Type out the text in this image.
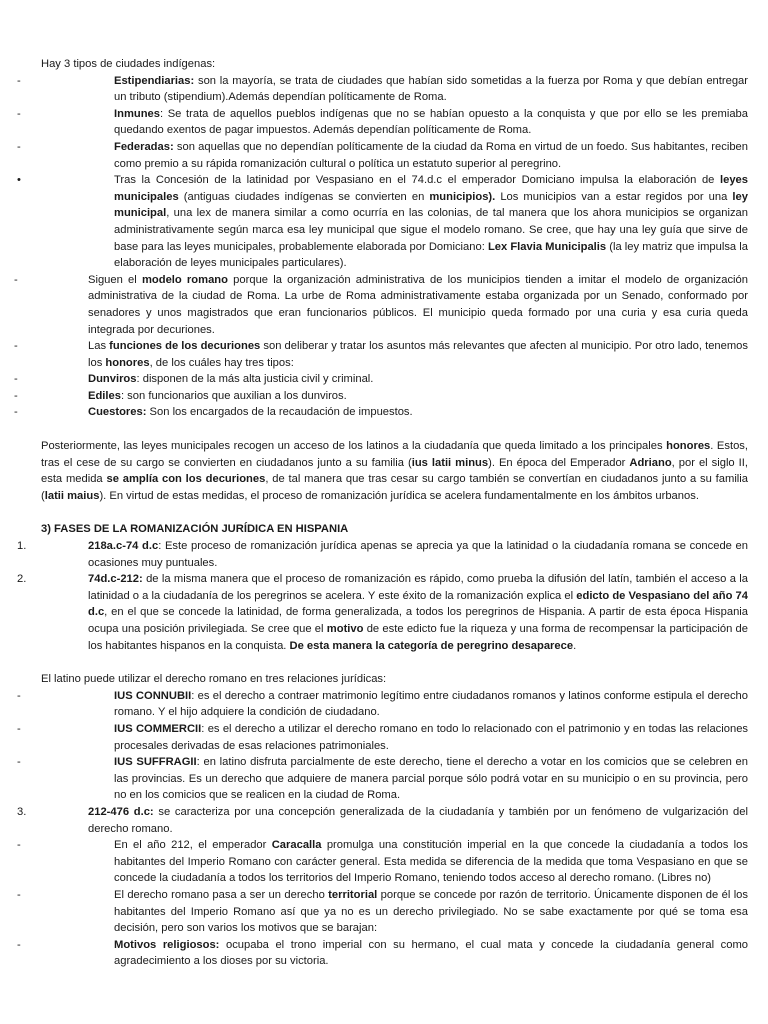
Hay 3 tipos de ciudades indígenas:

-	Estipendiarias: son la mayoría, se trata de ciudades que habían sido sometidas a la fuerza por Roma y que debían entregar un tributo (stipendium).Además dependían políticamente de Roma.
-	Inmunes: Se trata de aquellos pueblos indígenas que no se habían opuesto a la conquista y que por ello se les premiaba quedando exentos de pagar impuestos. Además dependían políticamente de Roma.
-	Federadas: son aquellas que no dependían políticamente de la ciudad da Roma en virtud de un foedo. Sus habitantes, reciben como premio a su rápida romanización cultural o política un estatuto superior al peregrino.
•	Tras la Concesión de la latinidad por Vespasiano en el 74.d.c el emperador Domiciano impulsa la elaboración de leyes municipales (antiguas ciudades indígenas se convierten en municipios). Los municipios van a estar regidos por una ley municipal, una lex de manera similar a como ocurría en las colonias, de tal manera que los ahora municipios se organizan administrativamente según marca esa ley municipal que sigue el modelo romano. Se cree, que hay una ley guía que sirve de base para las leyes municipales, probablemente elaborada por Domiciano: Lex Flavia Municipalis (la ley matriz que impulsa la elaboración de leyes municipales particulares).
-	Siguen el modelo romano porque la organización administrativa de los municipios tienden a imitar el modelo de organización administrativa de la ciudad de Roma. La urbe de Roma administrativamente estaba organizada por un Senado, conformado por senadores y unos magistrados que eran funcionarios públicos. El municipio queda formado por una curia y esa curia queda integrada por decuriones.
-	Las funciones de los decuriones son deliberar y tratar los asuntos más relevantes que afecten al municipio. Por otro lado, tenemos los honores, de los cuáles hay tres tipos:
-	Dunviros: disponen de la más alta justicia civil y criminal.
-	Ediles: son funcionarios que auxilian a los dunviros.
-	Cuestores: Son los encargados de la recaudación de impuestos.

Posteriormente, las leyes municipales recogen un acceso de los latinos a la ciudadanía que queda limitado a los principales honores. Estos, tras el cese de su cargo se convierten en ciudadanos junto a su familia (ius latii minus). En época del Emperador Adriano, por el siglo II, esta medida se amplía con los decuriones, de tal manera que tras cesar su cargo también se convertían en ciudadanos junto a su familia (latii maius). En virtud de estas medidas, el proceso de romanización jurídica se acelera fundamentalmente en los ámbitos urbanos.

3) FASES DE LA ROMANIZACIÓN JURÍDICA EN HISPANIA

1.	218a.c-74 d.c: Este proceso de romanización jurídica apenas se aprecia ya que la latinidad o la ciudadanía romana se concede en ocasiones muy puntuales.
2.	74d.c-212: de la misma manera que el proceso de romanización es rápido, como prueba la difusión del latín, también el acceso a la latinidad o a la ciudadanía de los peregrinos se acelera. Y este éxito de la romanización explica el edicto de Vespasiano del año 74 d.c, en el que se concede la latinidad, de forma generalizada, a todos los peregrinos de Hispania. A partir de esta época Hispania ocupa una posición privilegiada. Se cree que el motivo de este edicto fue la riqueza y una forma de recompensar la participación de los habitantes hispanos en la conquista. De esta manera la categoría de peregrino desaparece.

El latino puede utilizar el derecho romano en tres relaciones jurídicas:

-	IUS CONNUBII: es el derecho a contraer matrimonio legítimo entre ciudadanos romanos y latinos conforme estipula el derecho romano. Y el hijo adquiere la condición de ciudadano.
-	IUS COMMERCII: es el derecho a utilizar el derecho romano en todo lo relacionado con el patrimonio y en todas las relaciones procesales derivadas de esas relaciones patrimoniales.
-	IUS SUFFRAGII: en latino disfruta parcialmente de este derecho, tiene el derecho a votar en los comicios que se celebren en las provincias. Es un derecho que adquiere de manera parcial porque sólo podrá votar en su municipio o en su provincia, pero no en los comicios que se realicen en la ciudad de Roma.
3.	212-476 d.c: se caracteriza por una concepción generalizada de la ciudadanía y también por un fenómeno de vulgarización del derecho romano.
-	En el año 212, el emperador Caracalla promulga una constitución imperial en la que concede la ciudadanía a todos los habitantes del Imperio Romano con carácter general. Esta medida se diferencia de la medida que toma Vespasiano en que se concede la ciudadanía a todos los territorios del Imperio Romano, teniendo todos acceso al derecho romano. (Libres no)
-	El derecho romano pasa a ser un derecho territorial porque se concede por razón de territorio. Únicamente disponen de él los habitantes del Imperio Romano así que ya no es un derecho privilegiado. No se sabe exactamente por qué se toma esa decisión, pero son varios los motivos que se barajan:
-	Motivos religiosos: ocupaba el trono imperial con su hermano, el cual mata y concede la ciudadanía general como agradecimiento a los dioses por su victoria.
